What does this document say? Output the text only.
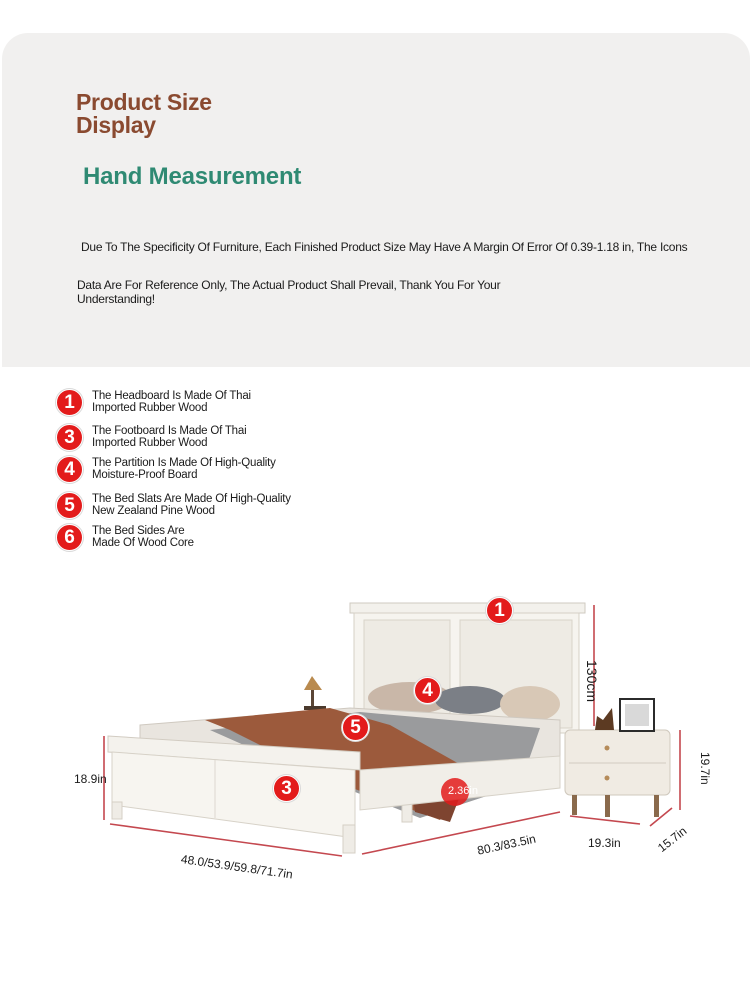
Product Size Display
Hand Measurement

Due To The Specificity Of Furniture, Each Finished Product Size May Have A Margin Of Error Of 0.39-1.18 in, The Icons

Data Are For Reference Only, The Actual Product Shall Prevail, Thank You For Your Understanding!

1	The Headboard Is Made Of Thai Imported Rubber Wood
3	The Footboard Is Made Of Thai Imported Rubber Wood
4	The Partition Is Made Of High-Quality Moisture-Proof Board
5	The Bed Slats Are Made Of High-Quality New Zealand Pine Wood
6	The Bed Sides Are Made Of Wood Core
1
4
5
3
130cm
18.9in
2.36in
48.0/53.9/59.8/71.7in
80.3/83.5in	19.3in	15.7in
19.7in
